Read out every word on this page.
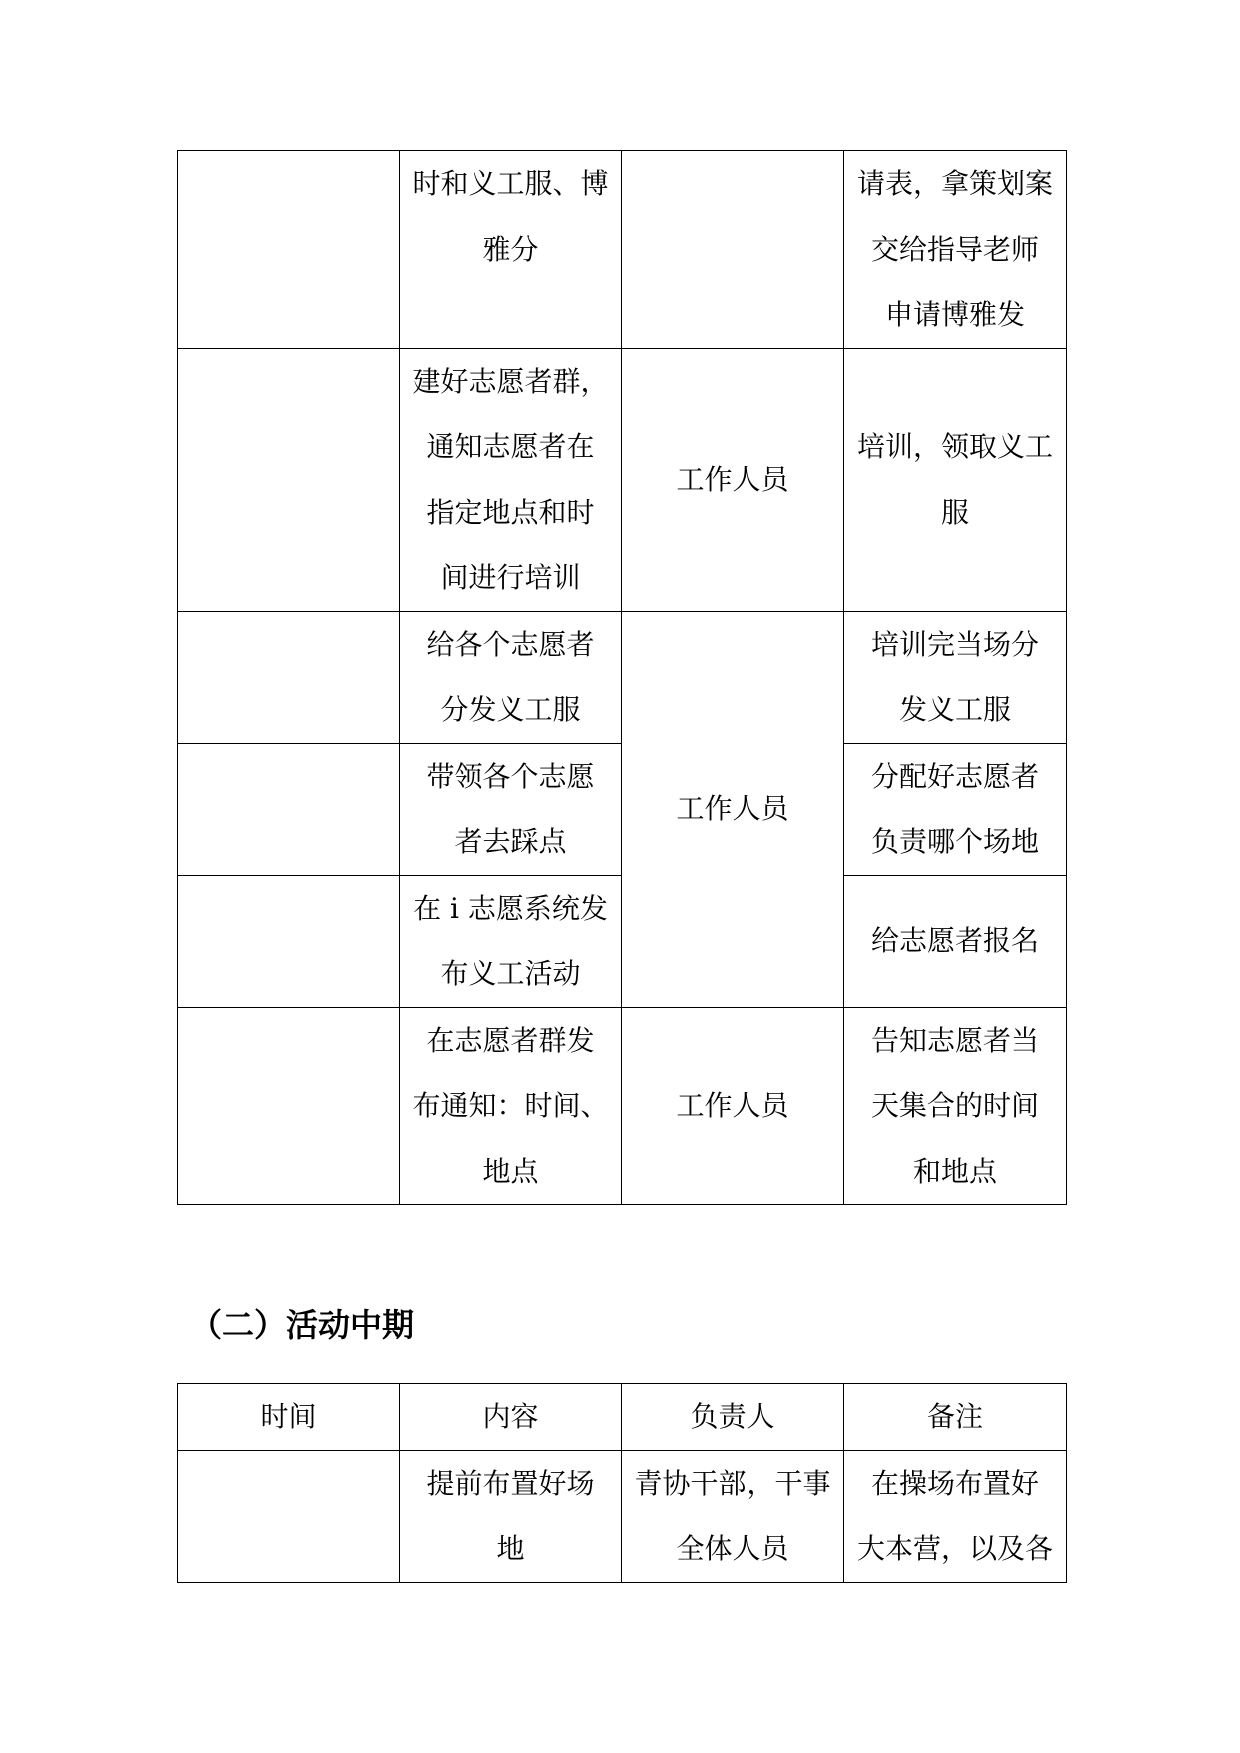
	时和义工服、博
雅分		请表，拿策划案
交给指导老师
申请博雅发
	建好志愿者群，
通知志愿者在
指定地点和时
间进行培训	工作人员	培训，领取义工
服
	给各个志愿者
分发义工服	工作人员	培训完当场分
发义工服
	带领各个志愿
者去踩点		分配好志愿者
负责哪个场地
	在 i 志愿系统发
布义工活动		给志愿者报名
	在志愿者群发
布通知：时间、
地点	工作人员	告知志愿者当
天集合的时间
和地点
（二）活动中期
时间	内容	负责人	备注
	提前布置好场
地	青协干部，干事
全体人员	在操场布置好
大本营，以及各
